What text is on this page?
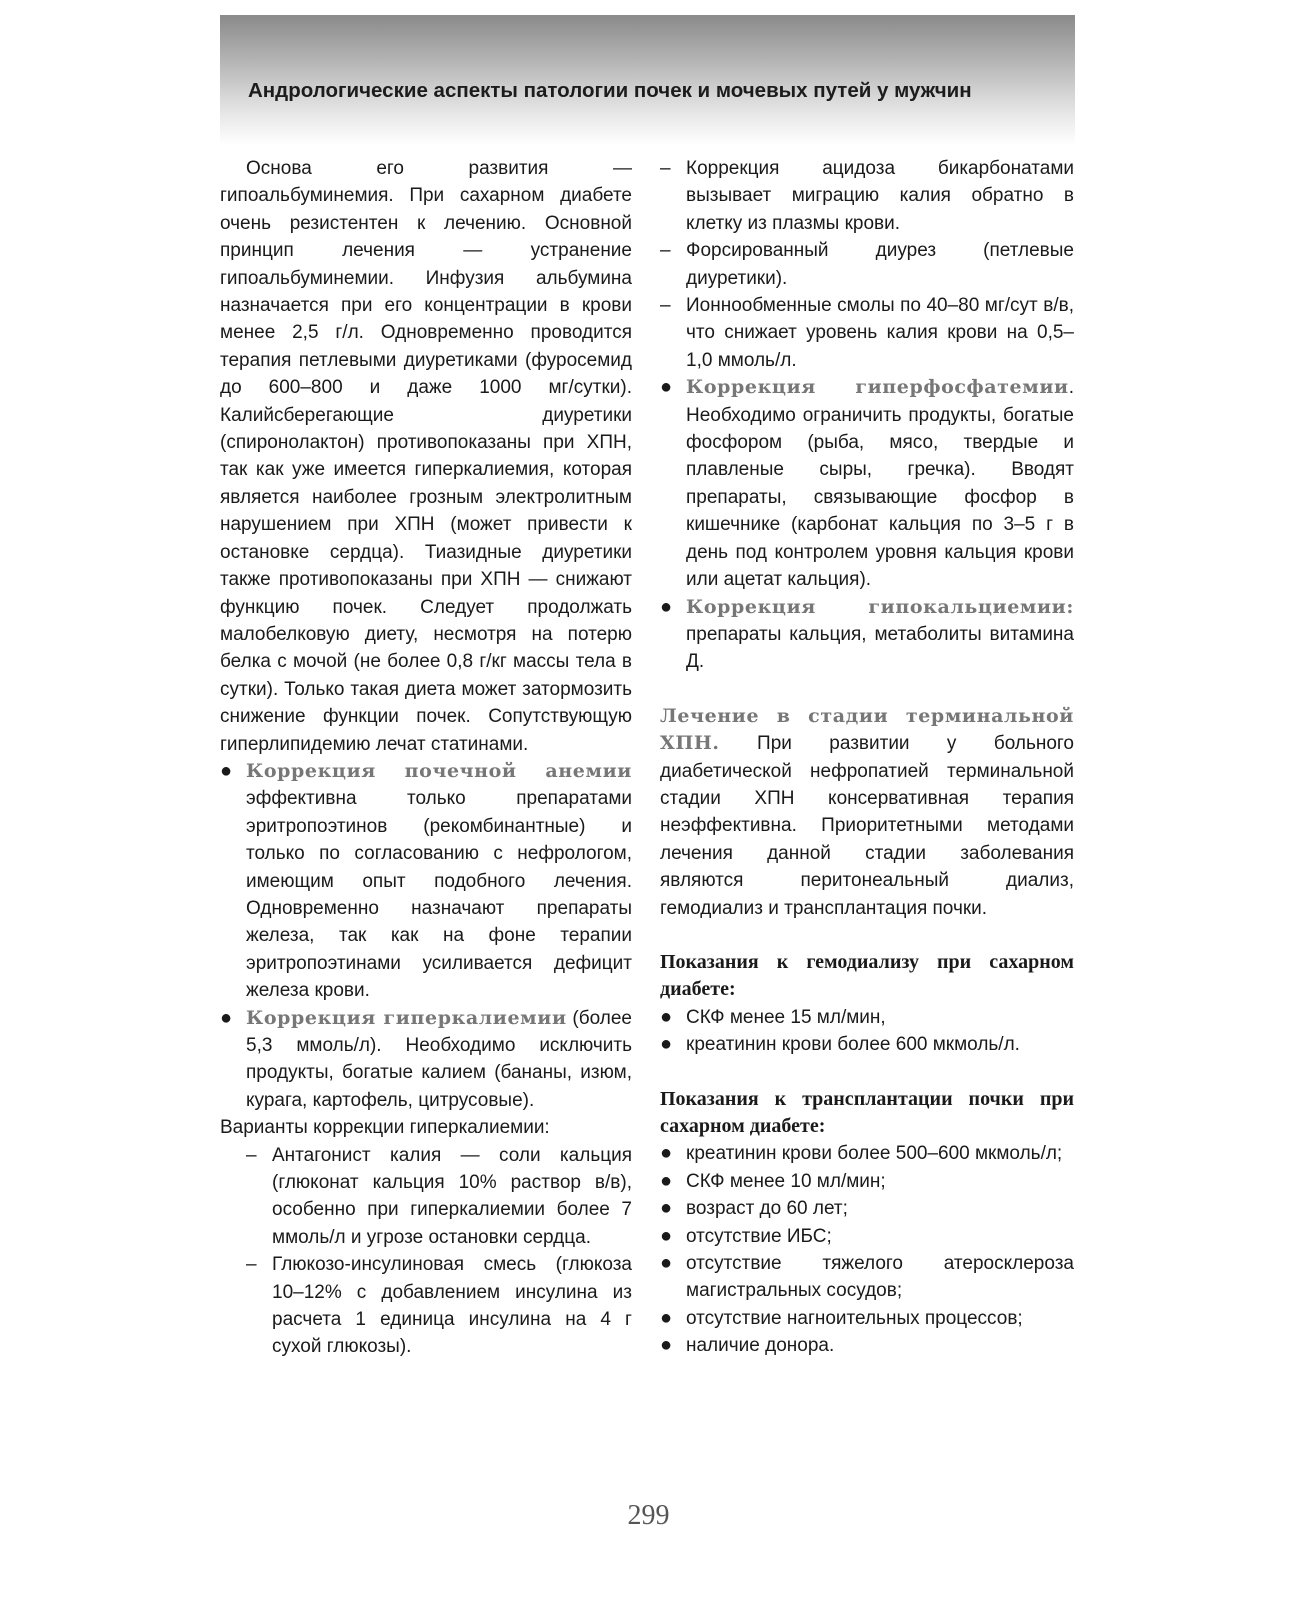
Андрологические аспекты патологии почек и мочевых путей у мужчин

Основа его развития — гипоальбуминемия. При сахарном диабете очень резистентен к лечению. Основной принцип лечения — устранение гипоальбуминемии. Инфузия альбумина назначается при его концентрации в крови менее 2,5 г/л. Одновременно проводится терапия петлевыми диуретиками (фуросемид до 600–800 и даже 1000 мг/сутки). Калийсберегающие диуретики (спиронолактон) противопоказаны при ХПН, так как уже имеется гиперкалиемия, которая является наиболее грозным электролитным нарушением при ХПН (может привести к остановке сердца). Тиазидные диуретики также противопоказаны при ХПН — снижают функцию почек. Следует продолжать малобелковую диету, несмотря на потерю белка с мочой (не более 0,8 г/кг массы тела в сутки). Только такая диета может затормозить снижение функции почек. Сопутствующую гиперлипидемию лечат статинами.

● Коррекция почечной анемии эффективна только препаратами эритропоэтинов (рекомбинантные) и только по согласованию с нефрологом, имеющим опыт подобного лечения. Одновременно назначают препараты железа, так как на фоне терапии эритропоэтинами усиливается дефицит железа крови.
● Коррекция гиперкалиемии (более 5,3 ммоль/л). Необходимо исключить продукты, богатые калием (бананы, изюм, курага, картофель, цитрусовые).

Варианты коррекции гиперкалиемии:

– Антагонист калия — соли кальция (глюконат кальция 10% раствор в/в), особенно при гиперкалиемии более 7 ммоль/л и угрозе остановки сердца.
– Глюкозо-инсулиновая смесь (глюкоза 10–12% с добавлением инсулина из расчета 1 единица инсулина на 4 г сухой глюкозы).
– Коррекция ацидоза бикарбонатами вызывает миграцию калия обратно в клетку из плазмы крови.
– Форсированный диурез (петлевые диуретики).
– Ионнообменные смолы по 40–80 мг/сут в/в, что снижает уровень калия крови на 0,5–1,0 ммоль/л.
● Коррекция гиперфосфатемии. Необходимо ограничить продукты, богатые фосфором (рыба, мясо, твердые и плавленые сыры, гречка). Вводят препараты, связывающие фосфор в кишечнике (карбонат кальция по 3–5 г в день под контролем уровня кальция крови или ацетат кальция).
● Коррекция гипокальциемии: препараты кальция, метаболиты витамина Д.

Лечение в стадии терминальной ХПН. При развитии у больного диабетической нефропатией терминальной стадии ХПН консервативная терапия неэффективна. Приоритетными методами лечения данной стадии заболевания являются перитонеальный диализ, гемодиализ и трансплантация почки.

Показания к гемодиализу при сахарном диабете:

● СКФ менее 15 мл/мин,
● креатинин крови более 600 мкмоль/л.

Показания к трансплантации почки при сахарном диабете:

● креатинин крови более 500–600 мкмоль/л;
● СКФ менее 10 мл/мин;
● возраст до 60 лет;
● отсутствие ИБС;
● отсутствие тяжелого атеросклероза магистральных сосудов;
● отсутствие нагноительных процессов;
● наличие донора.

299
